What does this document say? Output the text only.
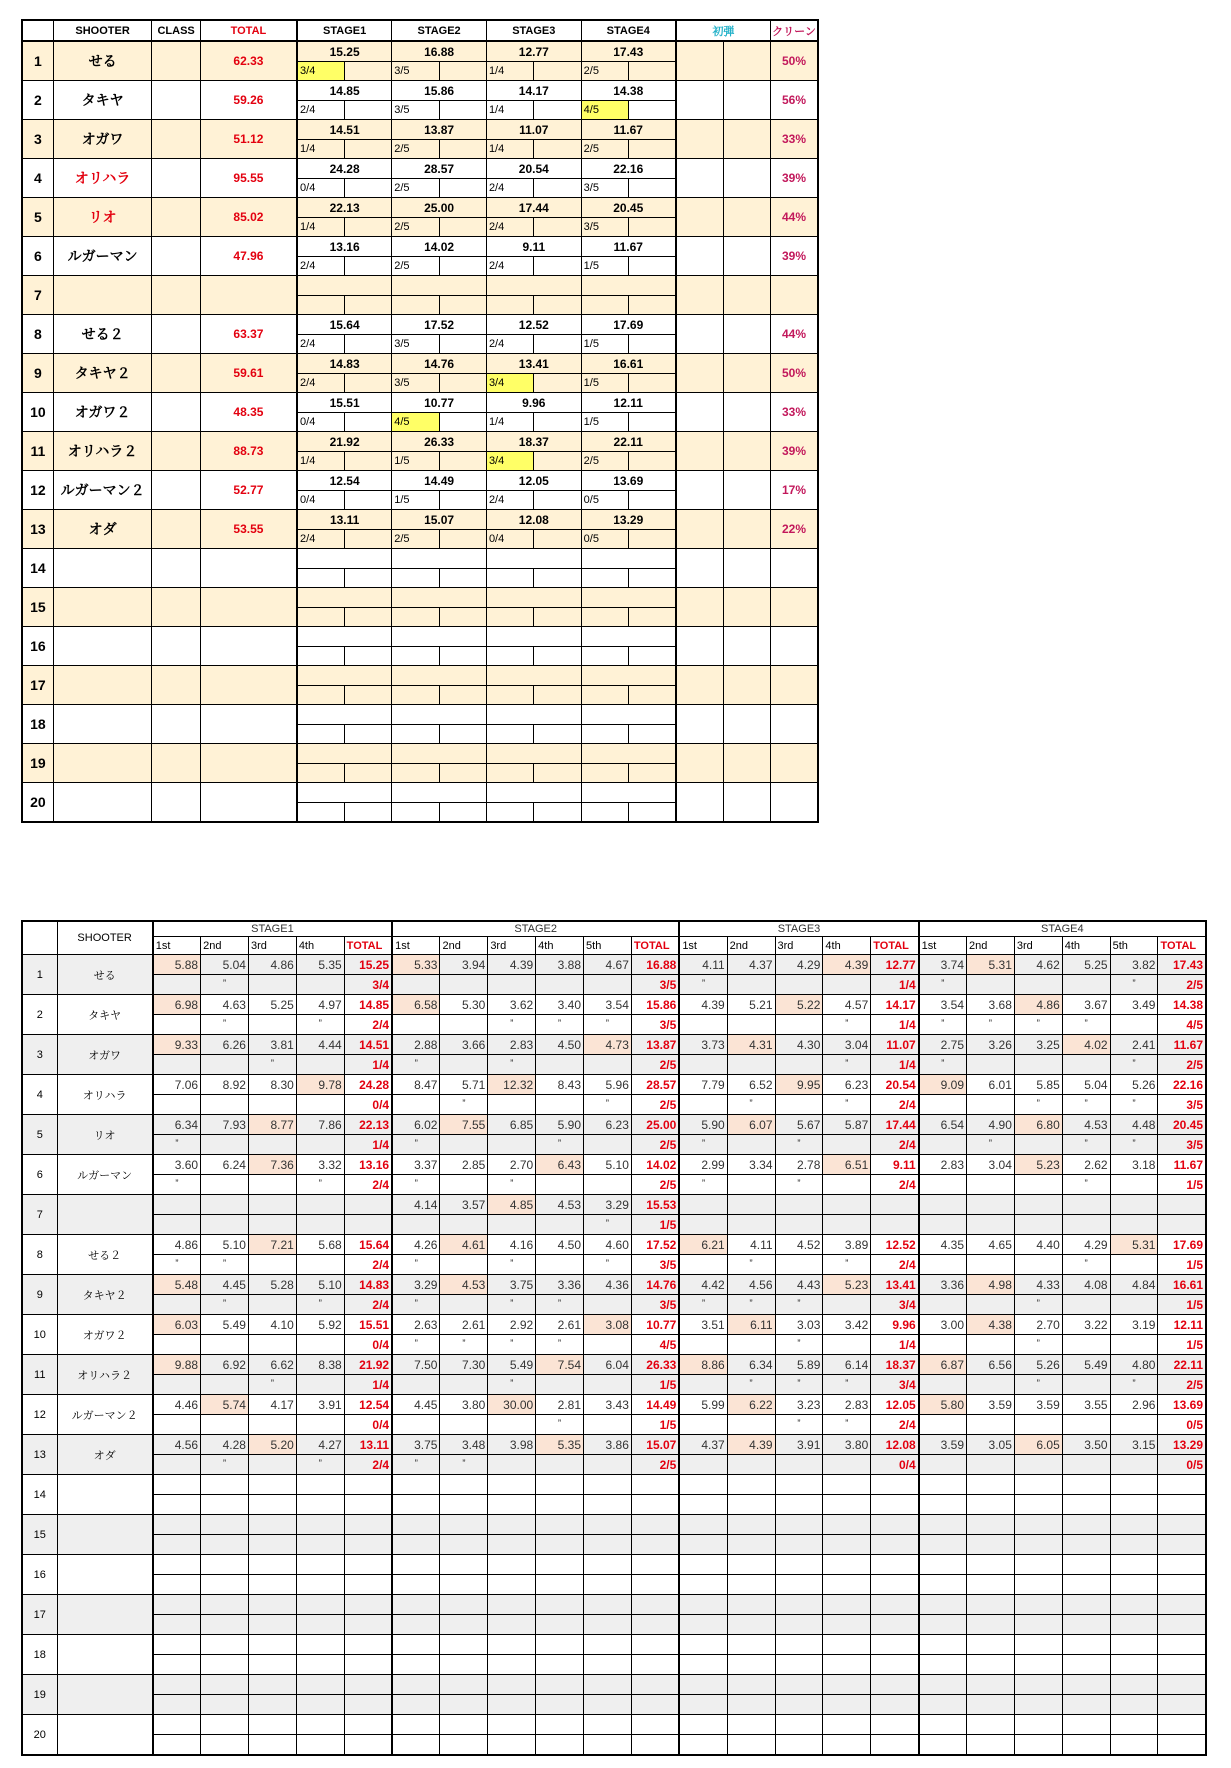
	SHOOTER	CLASS	TOTAL	STAGE1		STAGE2		STAGE3		STAGE4		初弾		クリーン
1	せる		62.33	15.25		16.88		12.77		17.43				50%
				3/4		3/5		1/4		2/5				
2	タキヤ		59.26	14.85		15.86		14.17		14.38				56%
				2/4		3/5		1/4		4/5				
3	オガワ		51.12	14.51		13.87		11.07		11.67				33%
				1/4		2/5		1/4		2/5				
4	オリハラ		95.55	24.28		28.57		20.54		22.16				39%
				0/4		2/5		2/4		3/5				
5	リオ		85.02	22.13		25.00		17.44		20.45				44%
				1/4		2/5		2/4		3/5				
6	ルガーマン		47.96	13.16		14.02		9.11		11.67				39%
				2/4		2/5		2/4		1/5				
7														

8	せる２		63.37	15.64		17.52		12.52		17.69				44%
				2/4		3/5		2/4		1/5				
9	タキヤ２		59.61	14.83		14.76		13.41		16.61				50%
				2/4		3/5		3/4		1/5				
10	オガワ２		48.35	15.51		10.77		9.96		12.11				33%
				0/4		4/5		1/4		1/5				
11	オリハラ２		88.73	21.92		26.33		18.37		22.11				39%
				1/4		1/5		3/4		2/5				
12	ルガーマン２		52.77	12.54		14.49		12.05		13.69				17%
				0/4		1/5		2/4		0/5				
13	オダ		53.55	13.11		15.07		12.08		13.29				22%
				2/4		2/5		0/4		0/5				
14														

15														

16														

17														

18														

19														

20														

	SHOOTER	STAGE1					STAGE2						STAGE3					STAGE4					
		1st	2nd	3rd	4th	TOTAL	1st	2nd	3rd	4th	5th	TOTAL	1st	2nd	3rd	4th	TOTAL	1st	2nd	3rd	4th	5th	TOTAL
1	せる	5.88	5.04	4.86	5.35	15.25	5.33	3.94	4.39	3.88	4.67	16.88	4.11	4.37	4.29	4.39	12.77	3.74	5.31	4.62	5.25	3.82	17.43
			ˮ			3/4						3/5	ˮ				1/4	ˮ				ˮ	2/5
2	タキヤ	6.98	4.63	5.25	4.97	14.85	6.58	5.30	3.62	3.40	3.54	15.86	4.39	5.21	5.22	4.57	14.17	3.54	3.68	4.86	3.67	3.49	14.38
			ˮ		ˮ	2/4			ˮ	ˮ	ˮ	3/5				ˮ	1/4	ˮ	ˮ	ˮ	ˮ		4/5
3	オガワ	9.33	6.26	3.81	4.44	14.51	2.88	3.66	2.83	4.50	4.73	13.87	3.73	4.31	4.30	3.04	11.07	2.75	3.26	3.25	4.02	2.41	11.67
				ˮ		1/4	ˮ		ˮ			2/5				ˮ	1/4	ˮ				ˮ	2/5
4	オリハラ	7.06	8.92	8.30	9.78	24.28	8.47	5.71	12.32	8.43	5.96	28.57	7.79	6.52	9.95	6.23	20.54	9.09	6.01	5.85	5.04	5.26	22.16
						0/4		ˮ			ˮ	2/5		ˮ		ˮ	2/4			ˮ	ˮ	ˮ	3/5
5	リオ	6.34	7.93	8.77	7.86	22.13	6.02	7.55	6.85	5.90	6.23	25.00	5.90	6.07	5.67	5.87	17.44	6.54	4.90	6.80	4.53	4.48	20.45
		ˮ				1/4	ˮ			ˮ		2/5	ˮ		ˮ		2/4		ˮ		ˮ	ˮ	3/5
6	ルガーマン	3.60	6.24	7.36	3.32	13.16	3.37	2.85	2.70	6.43	5.10	14.02	2.99	3.34	2.78	6.51	9.11	2.83	3.04	5.23	2.62	3.18	11.67
		ˮ			ˮ	2/4	ˮ		ˮ			2/5	ˮ		ˮ		2/4				ˮ		1/5
7							4.14	3.57	4.85	4.53	3.29	15.53											
											ˮ	1/5											
8	せる２	4.86	5.10	7.21	5.68	15.64	4.26	4.61	4.16	4.50	4.60	17.52	6.21	4.11	4.52	3.89	12.52	4.35	4.65	4.40	4.29	5.31	17.69
		ˮ	ˮ			2/4	ˮ		ˮ		ˮ	3/5		ˮ		ˮ	2/4				ˮ		1/5
9	タキヤ２	5.48	4.45	5.28	5.10	14.83	3.29	4.53	3.75	3.36	4.36	14.76	4.42	4.56	4.43	5.23	13.41	3.36	4.98	4.33	4.08	4.84	16.61
			ˮ		ˮ	2/4	ˮ		ˮ	ˮ		3/5	ˮ	ˮ	ˮ		3/4			ˮ			1/5
10	オガワ２	6.03	5.49	4.10	5.92	15.51	2.63	2.61	2.92	2.61	3.08	10.77	3.51	6.11	3.03	3.42	9.96	3.00	4.38	2.70	3.22	3.19	12.11
						0/4	ˮ	ˮ	ˮ	ˮ		4/5			ˮ		1/4			ˮ			1/5
11	オリハラ２	9.88	6.92	6.62	8.38	21.92	7.50	7.30	5.49	7.54	6.04	26.33	8.86	6.34	5.89	6.14	18.37	6.87	6.56	5.26	5.49	4.80	22.11
				ˮ		1/4			ˮ			1/5		ˮ	ˮ	ˮ	3/4			ˮ		ˮ	2/5
12	ルガーマン２	4.46	5.74	4.17	3.91	12.54	4.45	3.80	30.00	2.81	3.43	14.49	5.99	6.22	3.23	2.83	12.05	5.80	3.59	3.59	3.55	2.96	13.69
						0/4				ˮ		1/5			ˮ	ˮ	2/4						0/5
13	オダ	4.56	4.28	5.20	4.27	13.11	3.75	3.48	3.98	5.35	3.86	15.07	4.37	4.39	3.91	3.80	12.08	3.59	3.05	6.05	3.50	3.15	13.29
			ˮ		ˮ	2/4	ˮ	ˮ				2/5					0/4						0/5
14																							

15																							

16																							

17																							

18																							

19																							

20																							
